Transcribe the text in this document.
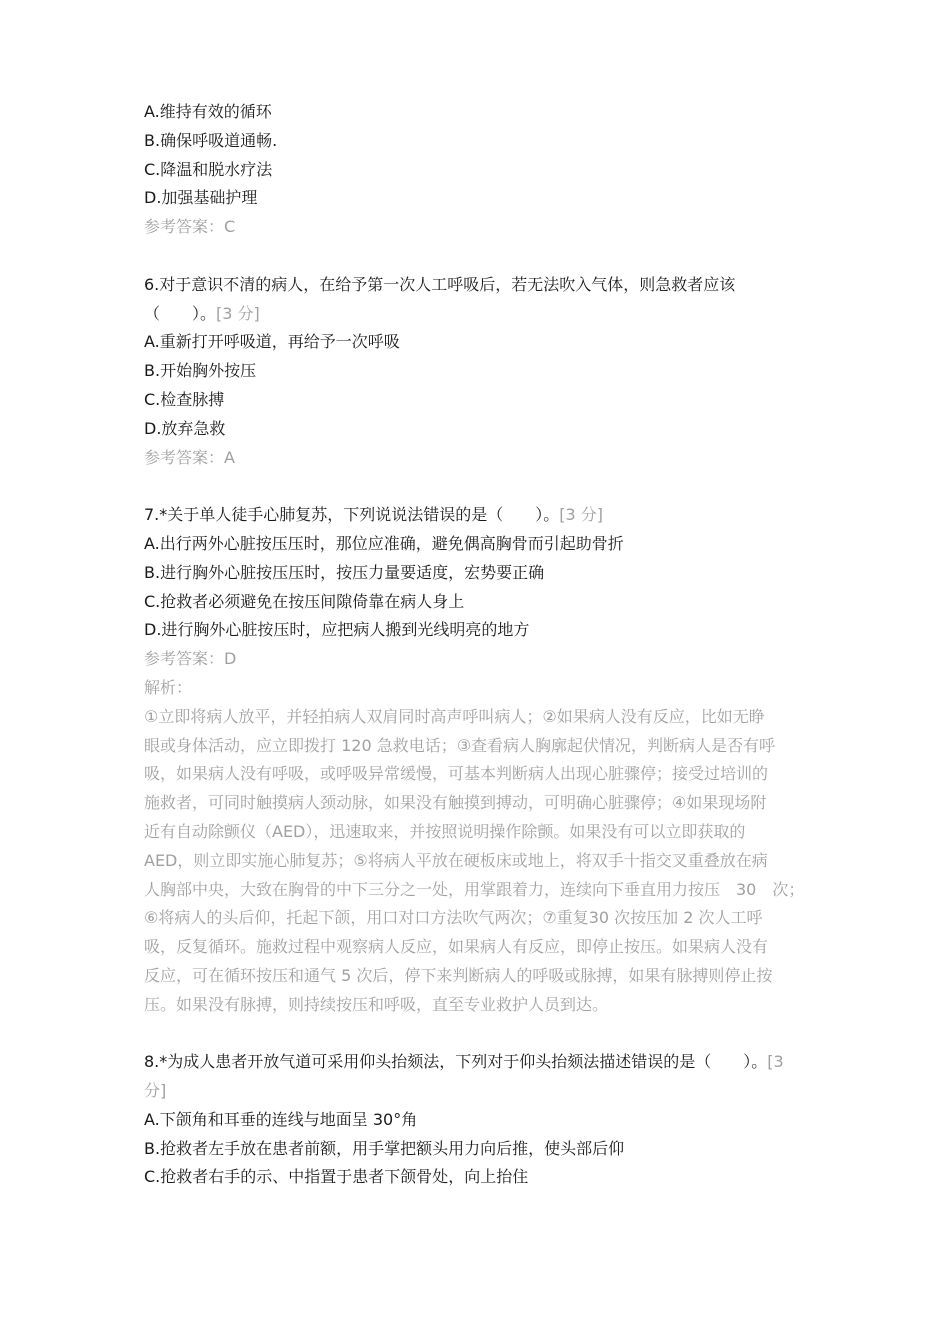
A.维持有效的循环
B.确保呼吸道通畅.
C.降温和脱水疗法
D.加强基础护理
参考答案：C
6.对于意识不清的病人，在给予第一次人工呼吸后，若无法吹入气体，则急救者应该
（　　）。[3 分]
A.重新打开呼吸道，再给予一次呼吸
B.开始胸外按压
C.检查脉搏
D.放弃急救
参考答案：A
7.*关于单人徒手心肺复苏，下列说说法错误的是（　　）。[3 分]
A.出行两外心脏按压压时，那位应准确，避免偶高胸骨而引起助骨折
B.进行胸外心脏按压压时，按压力量要适度，宏势要正确
C.抢救者必须避免在按压间隙倚靠在病人身上
D.进行胸外心脏按压时，应把病人搬到光线明亮的地方
参考答案：D
解析：
①立即将病人放平，并轻拍病人双肩同时高声呼叫病人；②如果病人没有反应，比如无睁
眼或身体活动，应立即拨打 120 急救电话；③查看病人胸廓起伏情况，判断病人是否有呼
吸，如果病人没有呼吸，或呼吸异常缓慢，可基本判断病人出现心脏骤停；接受过培训的
施救者，可同时触摸病人颈动脉，如果没有触摸到搏动，可明确心脏骤停；④如果现场附
近有自动除颤仪（AED），迅速取来，并按照说明操作除颤。如果没有可以立即获取的
AED，则立即实施心肺复苏；⑤将病人平放在硬板床或地上，将双手十指交叉重叠放在病
人胸部中央，大致在胸骨的中下三分之一处，用掌跟着力，连续向下垂直用力按压　30　次；
⑥将病人的头后仰，托起下颌，用口对口方法吹气两次；⑦重复30 次按压加 2 次人工呼
吸，反复循环。施救过程中观察病人反应，如果病人有反应，即停止按压。如果病人没有
反应，可在循环按压和通气 5 次后，停下来判断病人的呼吸或脉搏，如果有脉搏则停止按
压。如果没有脉搏，则持续按压和呼吸，直至专业救护人员到达。
8.*为成人患者开放气道可采用仰头抬颏法，下列对于仰头抬颏法描述错误的是（　　）。[3
分]
A.下颌角和耳垂的连线与地面呈 30°角
B.抢救者左手放在患者前额，用手掌把额头用力向后推，使头部后仰
C.抢救者右手的示、中指置于患者下颌骨处，向上抬住
